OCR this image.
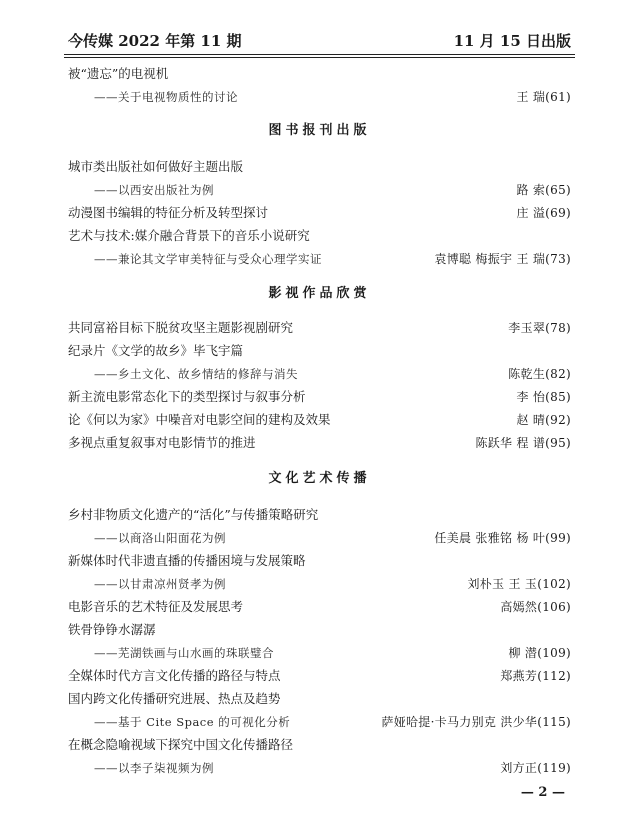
今传媒 2022 年第 11 期	11 月 15 日出版
被“遗忘”的电视机
——关于电视物质性的讨论	王 瑞(61)
图书报刊出版
城市类出版社如何做好主题出版
——以西安出版社为例	路 索(65)
动漫图书编辑的特征分析及转型探讨	庄 溢(69)
艺术与技术:媒介融合背景下的音乐小说研究
——兼论其文学审美特征与受众心理学实证	袁博聪 梅振宇 王 瑞(73)
影视作品欣赏
共同富裕目标下脱贫攻坚主题影视剧研究	李玉翠(78)
纪录片《文学的故乡》毕飞宇篇
——乡土文化、故乡情结的修辞与消失	陈乾生(82)
新主流电影常态化下的类型探讨与叙事分析	李 怡(85)
论《何以为家》中噪音对电影空间的建构及效果	赵 晴(92)
多视点重复叙事对电影情节的推进	陈跃华 程 谱(95)
文化艺术传播
乡村非物质文化遗产的“活化”与传播策略研究
——以商洛山阳面花为例	任美晨 张雅铭 杨 叶(99)
新媒体时代非遗直播的传播困境与发展策略
——以甘肃凉州贤孝为例	刘朴玉 王 玉(102)
电影音乐的艺术特征及发展思考	高嫣然(106)
铁骨铮铮水潺潺
——芜湖铁画与山水画的珠联璧合	柳 潜(109)
全媒体时代方言文化传播的路径与特点	郑燕芳(112)
国内跨文化传播研究进展、热点及趋势
——基于 Cite Space 的可视化分析	萨娅哈提·卡马力别克 洪少华(115)
在概念隐喻视域下探究中国文化传播路径
——以李子柒视频为例	刘方正(119)
— 2 —
